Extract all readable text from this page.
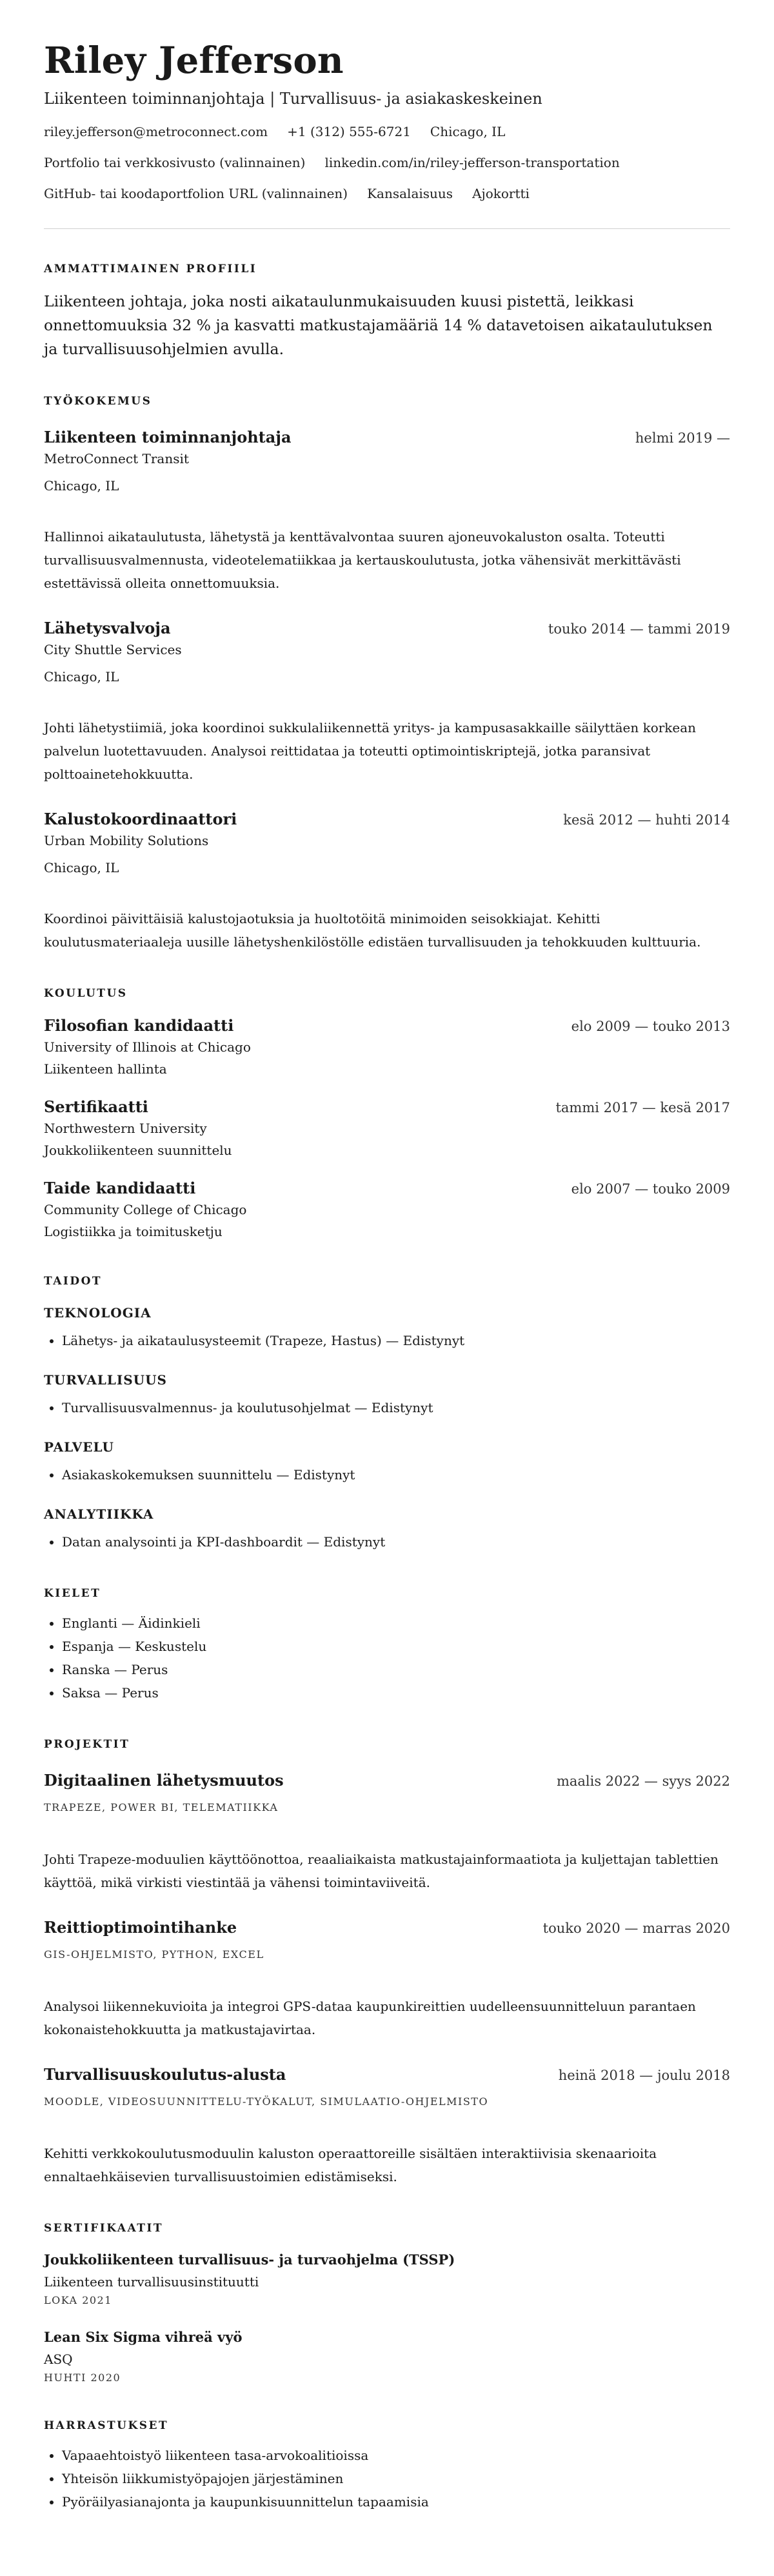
Riley Jefferson
Liikenteen toiminnanjohtaja | Turvallisuus- ja asiakaskeskeinen
riley.jefferson@metroconnect.com +1 (312) 555-6721 Chicago, IL
Portfolio tai verkkosivusto (valinnainen) linkedin.com/in/riley-jefferson-transportation
GitHub- tai koodaportfolion URL (valinnainen) Kansalaisuus Ajokortti
AMMATTIMAINEN PROFIILI

Liikenteen johtaja, joka nosti aikataulunmukaisuuden kuusi pistettä, leikkasi onnettomuuksia 32 % ja kasvatti matkustajamääriä 14 % datavetoisen aikataulutuksen ja turvallisuusohjelmien avulla.

TYÖKOKEMUS
Liikenteen toiminnanjohtaja	helmi 2019 —
MetroConnect Transit
Chicago, IL

Hallinnoi aikataulutusta, lähetystä ja kenttävalvontaa suuren ajoneuvokaluston osalta. Toteutti turvallisuusvalmennusta, videotelematiikkaa ja kertauskoulutusta, jotka vähensivät merkittävästi estettävissä olleita onnettomuuksia.

Lähetysvalvoja	touko 2014 — tammi 2019
City Shuttle Services
Chicago, IL

Johti lähetystiimiä, joka koordinoi sukkulaliikennettä yritys- ja kampusasakkaille säilyttäen korkean palvelun luotettavuuden. Analysoi reittidataa ja toteutti optimointiskriptejä, jotka paransivat polttoainetehokkuutta.

Kalustokoordinaattori	kesä 2012 — huhti 2014
Urban Mobility Solutions
Chicago, IL

Koordinoi päivittäisiä kalustojaotuksia ja huoltotöitä minimoiden seisokkiajat. Kehitti koulutusmateriaaleja uusille lähetyshenkilöstölle edistäen turvallisuuden ja tehokkuuden kulttuuria.

KOULUTUS
Filosofian kandidaatti	elo 2009 — touko 2013
University of Illinois at Chicago
Liikenteen hallinta
Sertifikaatti	tammi 2017 — kesä 2017
Northwestern University
Joukkoliikenteen suunnittelu
Taide kandidaatti	elo 2007 — touko 2009
Community College of Chicago
Logistiikka ja toimitusketju
TAIDOT
TEKNOLOGIA
• Lähetys- ja aikataulusysteemit (Trapeze, Hastus) — Edistynyt
TURVALLISUUS
• Turvallisuusvalmennus- ja koulutusohjelmat — Edistynyt
PALVELU
• Asiakaskokemuksen suunnittelu — Edistynyt
ANALYTIIKKA
• Datan analysointi ja KPI-dashboardit — Edistynyt
KIELET
• Englanti — Äidinkieli
• Espanja — Keskustelu
• Ranska — Perus
• Saksa — Perus
PROJEKTIT
Digitaalinen lähetysmuutos	maalis 2022 — syys 2022
TRAPEZE, POWER BI, TELEMATIIKKA

Johti Trapeze-moduulien käyttöönottoa, reaaliaikaista matkustajainformaatiota ja kuljettajan tablettien käyttöä, mikä virkisti viestintää ja vähensi toimintaviiveitä.

Reittioptimointihanke	touko 2020 — marras 2020
GIS-OHJELMISTO, PYTHON, EXCEL

Analysoi liikennekuvioita ja integroi GPS-dataa kaupunkireittien uudelleensuunnitteluun parantaen kokonaistehokkuutta ja matkustajavirtaa.

Turvallisuuskoulutus-alusta	heinä 2018 — joulu 2018
MOODLE, VIDEOSUUNNITTELU-TYÖKALUT, SIMULAATIO-OHJELMISTO

Kehitti verkkokoulutusmoduulin kaluston operaattoreille sisältäen interaktiivisia skenaarioita ennaltaehkäisevien turvallisuustoimien edistämiseksi.

SERTIFIKAATIT
Joukkoliikenteen turvallisuus- ja turvaohjelma (TSSP)
Liikenteen turvallisuusinstituutti
LOKA 2021
Lean Six Sigma vihreä vyö
ASQ
HUHTI 2020
HARRASTUKSET
• Vapaaehtoistyö liikenteen tasa-arvokoalitioissa
• Yhteisön liikkumistyöpajojen järjestäminen
• Pyöräilyasianajonta ja kaupunkisuunnittelun tapaamisia
